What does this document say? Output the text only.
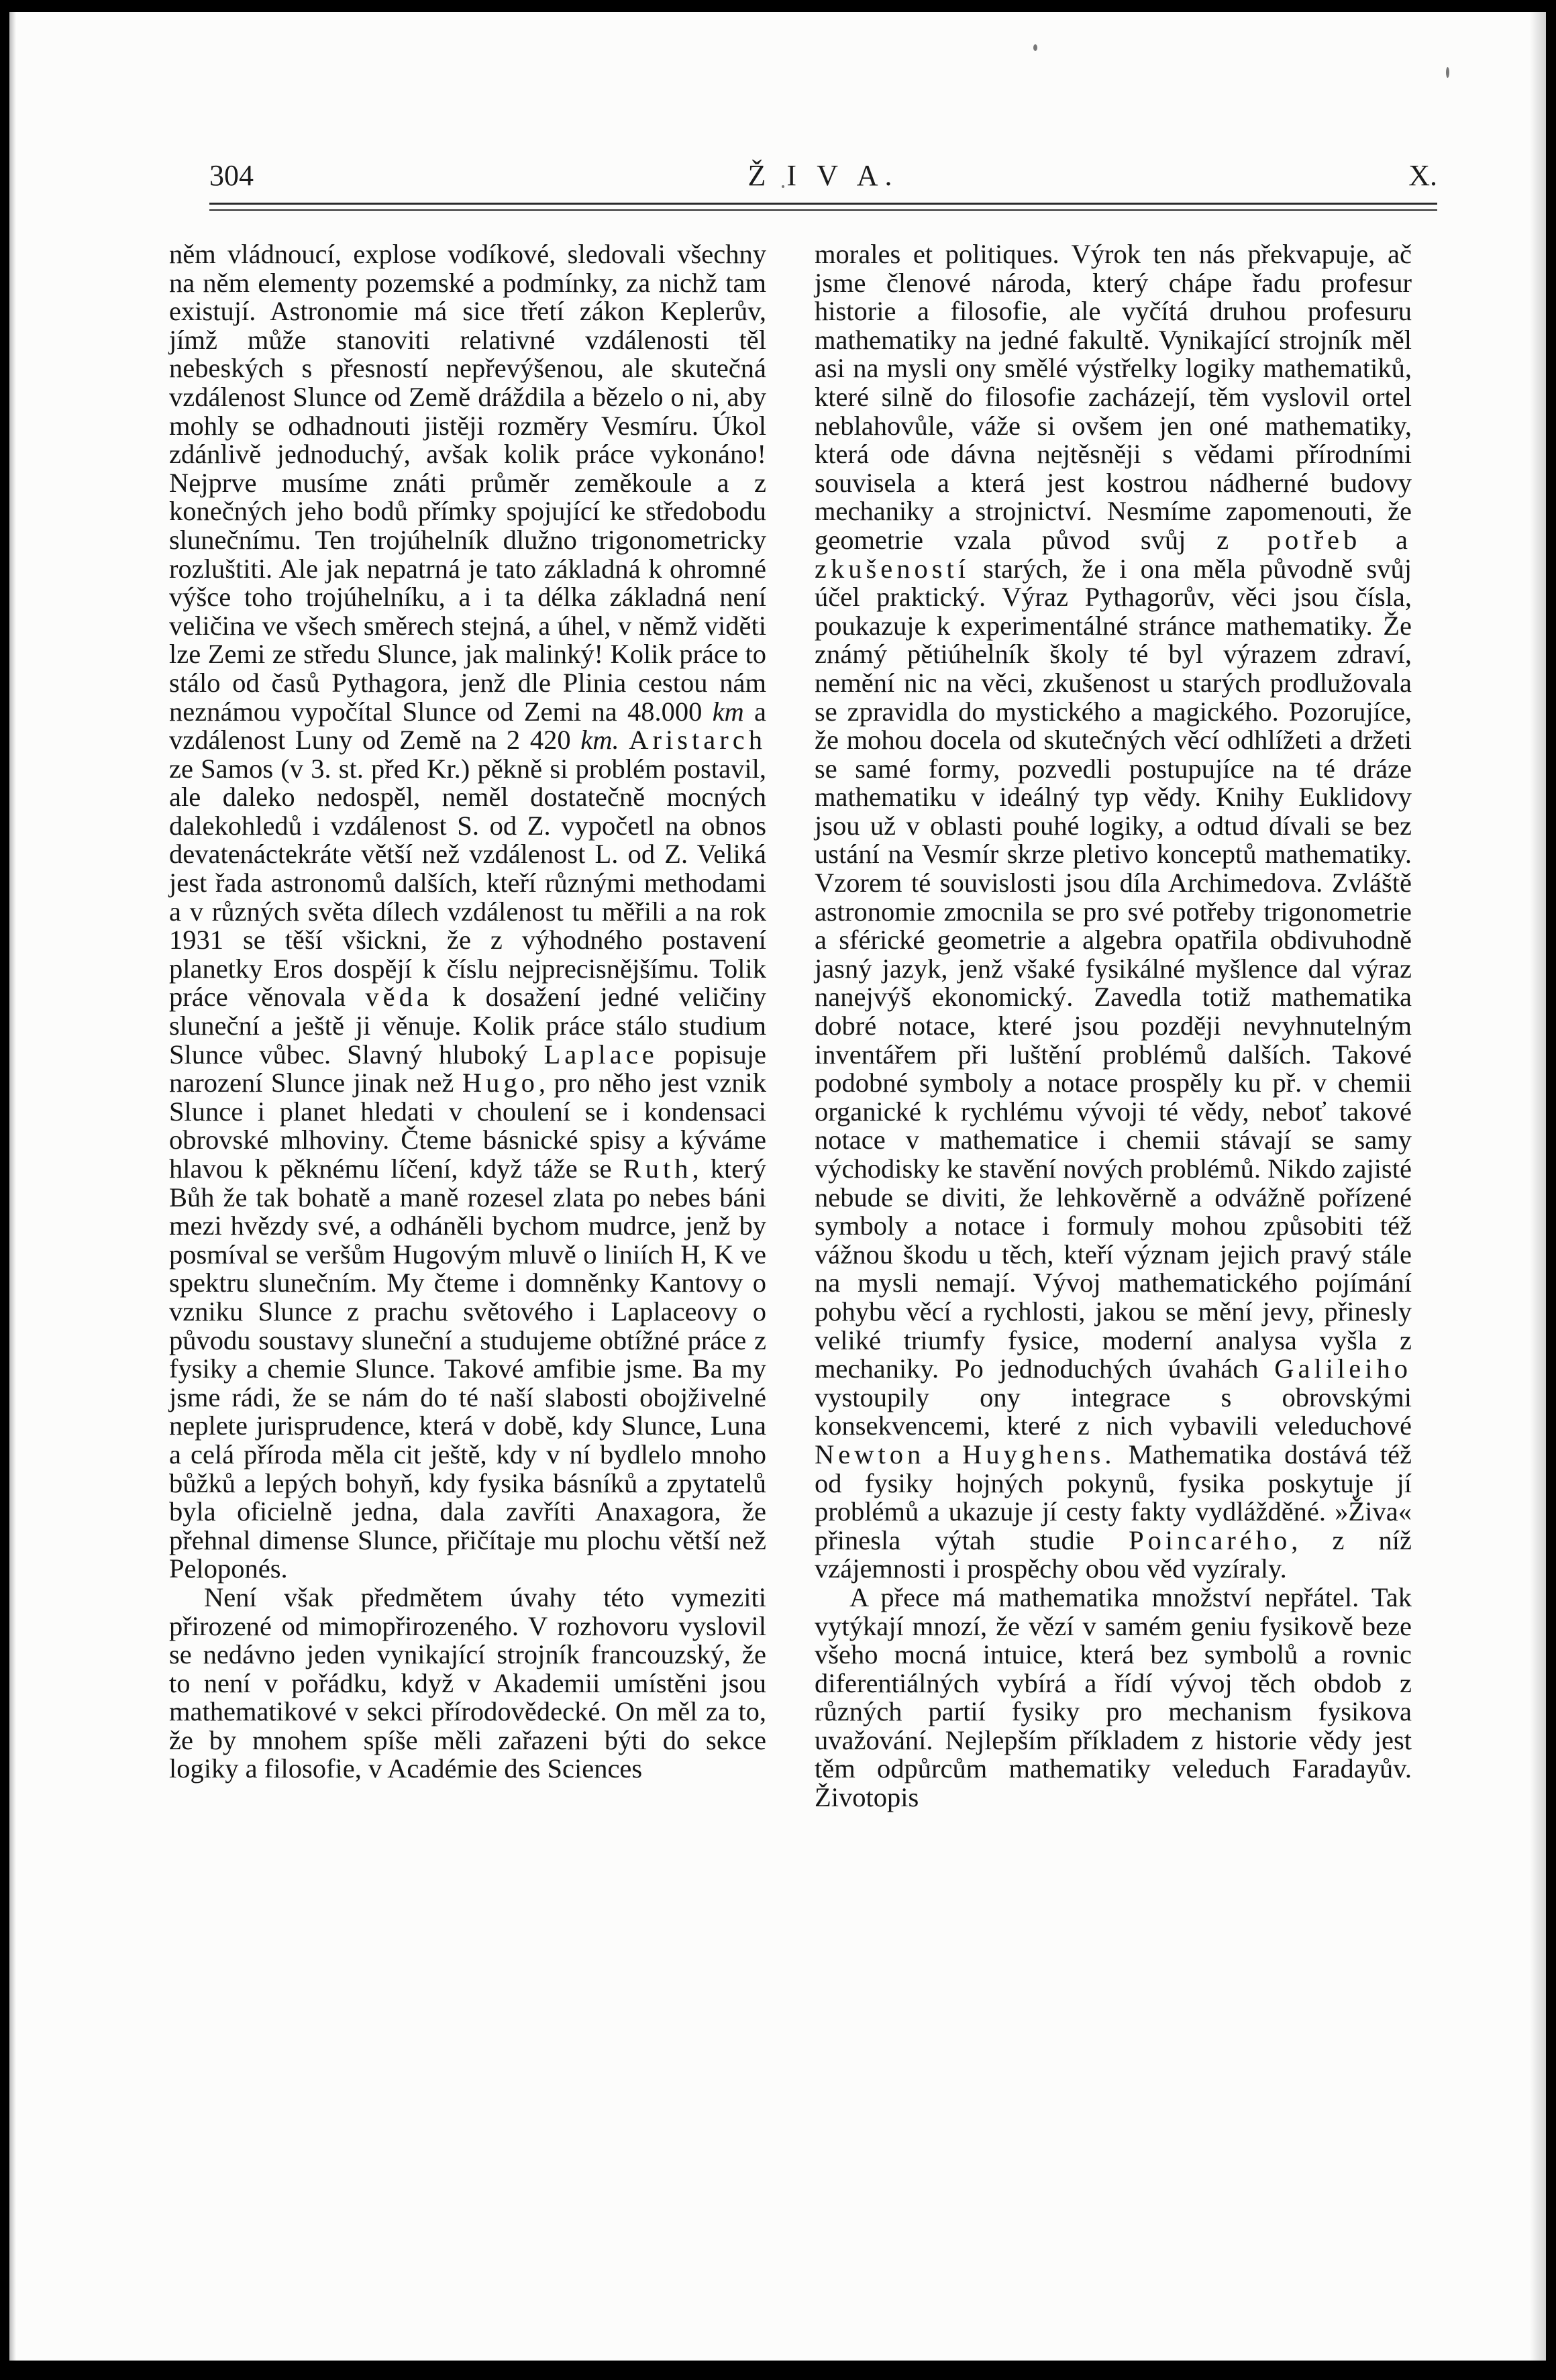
304	Ž I V A.	X.

něm vládnoucí, explose vodíkové, sledovali všechny na něm elementy pozemské a podmínky, za nichž tam existují. Astronomie má sice třetí zákon Keplerův, jímž může stanoviti relativné vzdálenosti těl nebeských s přesností nepřevýšenou, ale skutečná vzdálenost Slunce od Země dráždila a bězelo o ni, aby mohly se odhadnouti jistěji rozměry Vesmíru. Úkol zdánlivě jednoduchý, avšak kolik práce vykonáno! Nejprve musíme znáti průměr zeměkoule a z konečných jeho bodů přímky spojující ke středobodu slunečnímu. Ten trojúhelník dlužno trigonometricky rozluštiti. Ale jak nepatrná je tato základná k ohromné výšce toho trojúhelníku, a i ta délka základná není veličina ve všech směrech stejná, a úhel, v němž viděti lze Zemi ze středu Slunce, jak malinký! Kolik práce to stálo od časů Pythagora, jenž dle Plinia cestou nám neznámou vypočítal Slunce od Zemi na 48.000 km a vzdálenost Luny od Země na 2 420 km. Aristarch ze Samos (v 3. st. před Kr.) pěkně si problém postavil, ale daleko nedospěl, neměl dostatečně mocných dalekohledů i vzdálenost S. od Z. vypočetl na obnos devatenáctekráte větší než vzdálenost L. od Z. Veliká jest řada astronomů dalších, kteří různými methodami a v různých světa dílech vzdálenost tu měřili a na rok 1931 se těší všickni, že z výhodného postavení planetky Eros dospějí k číslu nejprecisnějšímu. Tolik práce věnovala věda k dosažení jedné veličiny sluneční a ještě ji věnuje. Kolik práce stálo studium Slunce vůbec. Slavný hluboký Laplace popisuje narození Slunce jinak než Hugo, pro něho jest vznik Slunce i planet hledati v choulení se i kondensaci obrovské mlhoviny. Čteme básnické spisy a kýváme hlavou k pěknému líčení, když táže se Ruth, který Bůh že tak bohatě a maně rozesel zlata po nebes báni mezi hvězdy své, a odháněli bychom mudrce, jenž by posmíval se veršům Hugovým mluvě o liniích H, K ve spektru slunečním. My čteme i domněnky Kantovy o vzniku Slunce z prachu světového i Laplaceovy o původu soustavy sluneční a studujeme obtížné práce z fysiky a chemie Slunce. Takové amfibie jsme. Ba my jsme rádi, že se nám do té naší slabosti obojživelné neplete jurisprudence, která v době, kdy Slunce, Luna a celá příroda měla cit ještě, kdy v ní bydlelo mnoho bůžků a lepých bohyň, kdy fysika básníků a zpytatelů byla oficielně jedna, dala zavříti Anaxagora, že přehnal dimense Slunce, přičítaje mu plochu větší než Peloponés.

Není však předmětem úvahy této vymeziti přirozené od mimopřirozeného. V rozhovoru vyslovil se nedávno jeden vynikající strojník francouzský, že to není v pořádku, když v Akademii umístěni jsou mathematikové v sekci přírodovědecké. On měl za to, že by mnohem spíše měli zařazeni býti do sekce logiky a filosofie, v Académie des Sciences

morales et politiques. Výrok ten nás překvapuje, ač jsme členové národa, který chápe řadu profesur historie a filosofie, ale vyčítá druhou profesuru mathematiky na jedné fakultě. Vynikající strojník měl asi na mysli ony smělé výstřelky logiky mathematiků, které silně do filosofie zacházejí, těm vyslovil ortel neblahovůle, váže si ovšem jen oné mathematiky, která ode dávna nejtěsněji s vědami přírodními souvisela a která jest kostrou nádherné budovy mechaniky a strojnictví. Nesmíme zapomenouti, že geometrie vzala původ svůj z potřeb a zkušeností starých, že i ona měla původně svůj účel praktický. Výraz Pythagorův, věci jsou čísla, poukazuje k experimentálné stránce mathematiky. Že známý pětiúhelník školy té byl výrazem zdraví, nemění nic na věci, zkušenost u starých prodlužovala se zpravidla do mystického a magického. Pozorujíce, že mohou docela od skutečných věcí odhlížeti a držeti se samé formy, pozvedli postupujíce na té dráze mathematiku v ideálný typ vědy. Knihy Euklidovy jsou už v oblasti pouhé logiky, a odtud dívali se bez ustání na Vesmír skrze pletivo konceptů mathematiky. Vzorem té souvislosti jsou díla Archimedova. Zvláště astronomie zmocnila se pro své potřeby trigonometrie a sférické geometrie a algebra opatřila obdivuhodně jasný jazyk, jenž všaké fysikálné myšlence dal výraz nanejvýš ekonomický. Zavedla totiž mathematika dobré notace, které jsou později nevyhnutelným inventářem při luštění problémů dalších. Takové podobné symboly a notace prospěly ku př. v chemii organické k rychlému vývoji té vědy, neboť takové notace v mathematice i chemii stávají se samy východisky ke stavění nových problémů. Nikdo zajisté nebude se diviti, že lehkověrně a odvážně pořízené symboly a notace i formuly mohou způsobiti též vážnou škodu u těch, kteří význam jejich pravý stále na mysli nemají. Vývoj mathematického pojímání pohybu věcí a rychlosti, jakou se mění jevy, přinesly veliké triumfy fysice, moderní analysa vyšla z mechaniky. Po jednoduchých úvahách Galileiho vystoupily ony integrace s obrovskými konsekvencemi, které z nich vybavili veleduchové Newton a Huyghens. Mathematika dostává též od fysiky hojných pokynů, fysika poskytuje jí problémů a ukazuje jí cesty fakty vydlážděné. »Živa« přinesla výtah studie Poincarého, z níž vzájemnosti i prospěchy obou věd vyzíraly.

A přece má mathematika množství nepřátel. Tak vytýkají mnozí, že vězí v samém geniu fysikově beze všeho mocná intuice, která bez symbolů a rovnic diferentiálných vybírá a řídí vývoj těch obdob z různých partií fysiky pro mechanism fysikova uvažování. Nejlepším příkladem z historie vědy jest těm odpůrcům mathematiky veleduch Faradayův. Životopis
